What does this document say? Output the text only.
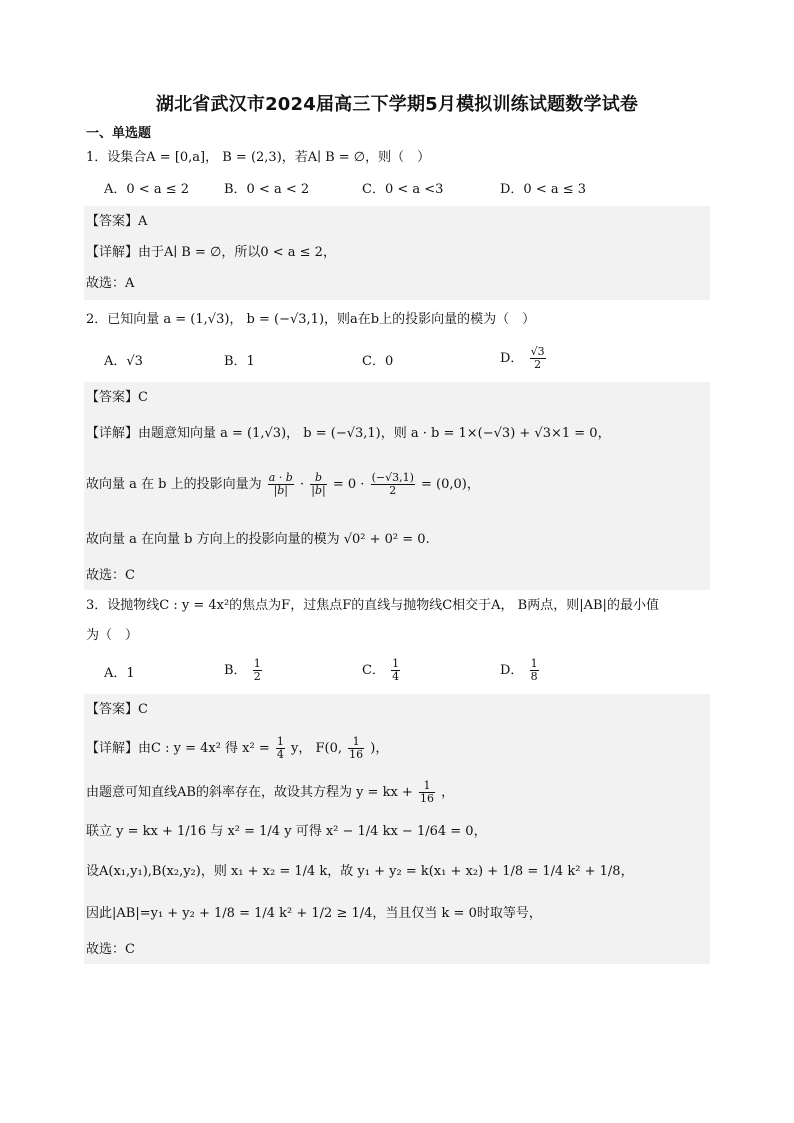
湖北省武汉市2024届高三下学期5月模拟训练试题数学试卷
一、单选题
1．设集合A = [0,a]， B = (2,3)，若A∣ B = ∅，则（　）
A．0 < a ≤ 2	B．0 < a < 2	C．0 < a <3	D．0 < a ≤ 3
【答案】A
【详解】由于A∣ B = ∅，所以0 < a ≤ 2，
故选：A
2．已知向量 a = (1,√3)， b = (−√3,1)，则a在b上的投影向量的模为（　）
A．√3	B．1	C．0	D． $\frac{√3}{2}$
【答案】C
【详解】由题意知向量 a = (1,√3)， b = (−√3,1)，则 a · b = 1×(−√3) + √3×1 = 0，
故向量 a 在 b 上的投影向量为 $\frac{a \cdot b}{|b|} \cdot \frac{b}{|b|} = 0 \cdot \frac{(-√3,1)}{2} = (0,0)$，
故向量 a 在向量 b 方向上的投影向量的模为 √0² + 0² = 0.
故选：C
3．设抛物线C : y = 4x²的焦点为F，过焦点F的直线与抛物线C相交于A， B两点，则|AB|的最小值
为（　）
A．1	B． $\frac{1}{2}$	C． $\frac{1}{4}$	D． $\frac{1}{8}$
【答案】C
【详解】由C : y = 4x² 得 $x^2 = \frac{1}{4}$ y， F(0, $\frac{1}{16}$ )，
由题意可知直线AB的斜率存在，故设其方程为 y = kx + $\frac{1}{16}$ ，
联立 y = kx + 1/16 与 x² = 1/4 y 可得 x² − 1/4 kx − 1/64 = 0，
设A(x₁,y₁),B(x₂,y₂)，则 x₁ + x₂ = 1/4 k，故 y₁ + y₂ = k(x₁ + x₂) + 1/8 = 1/4 k² + 1/8，
因此|AB|=y₁ + y₂ + 1/8 = 1/4 k² + 1/2 ≥ 1/4，当且仅当 k = 0时取等号，
故选：C
